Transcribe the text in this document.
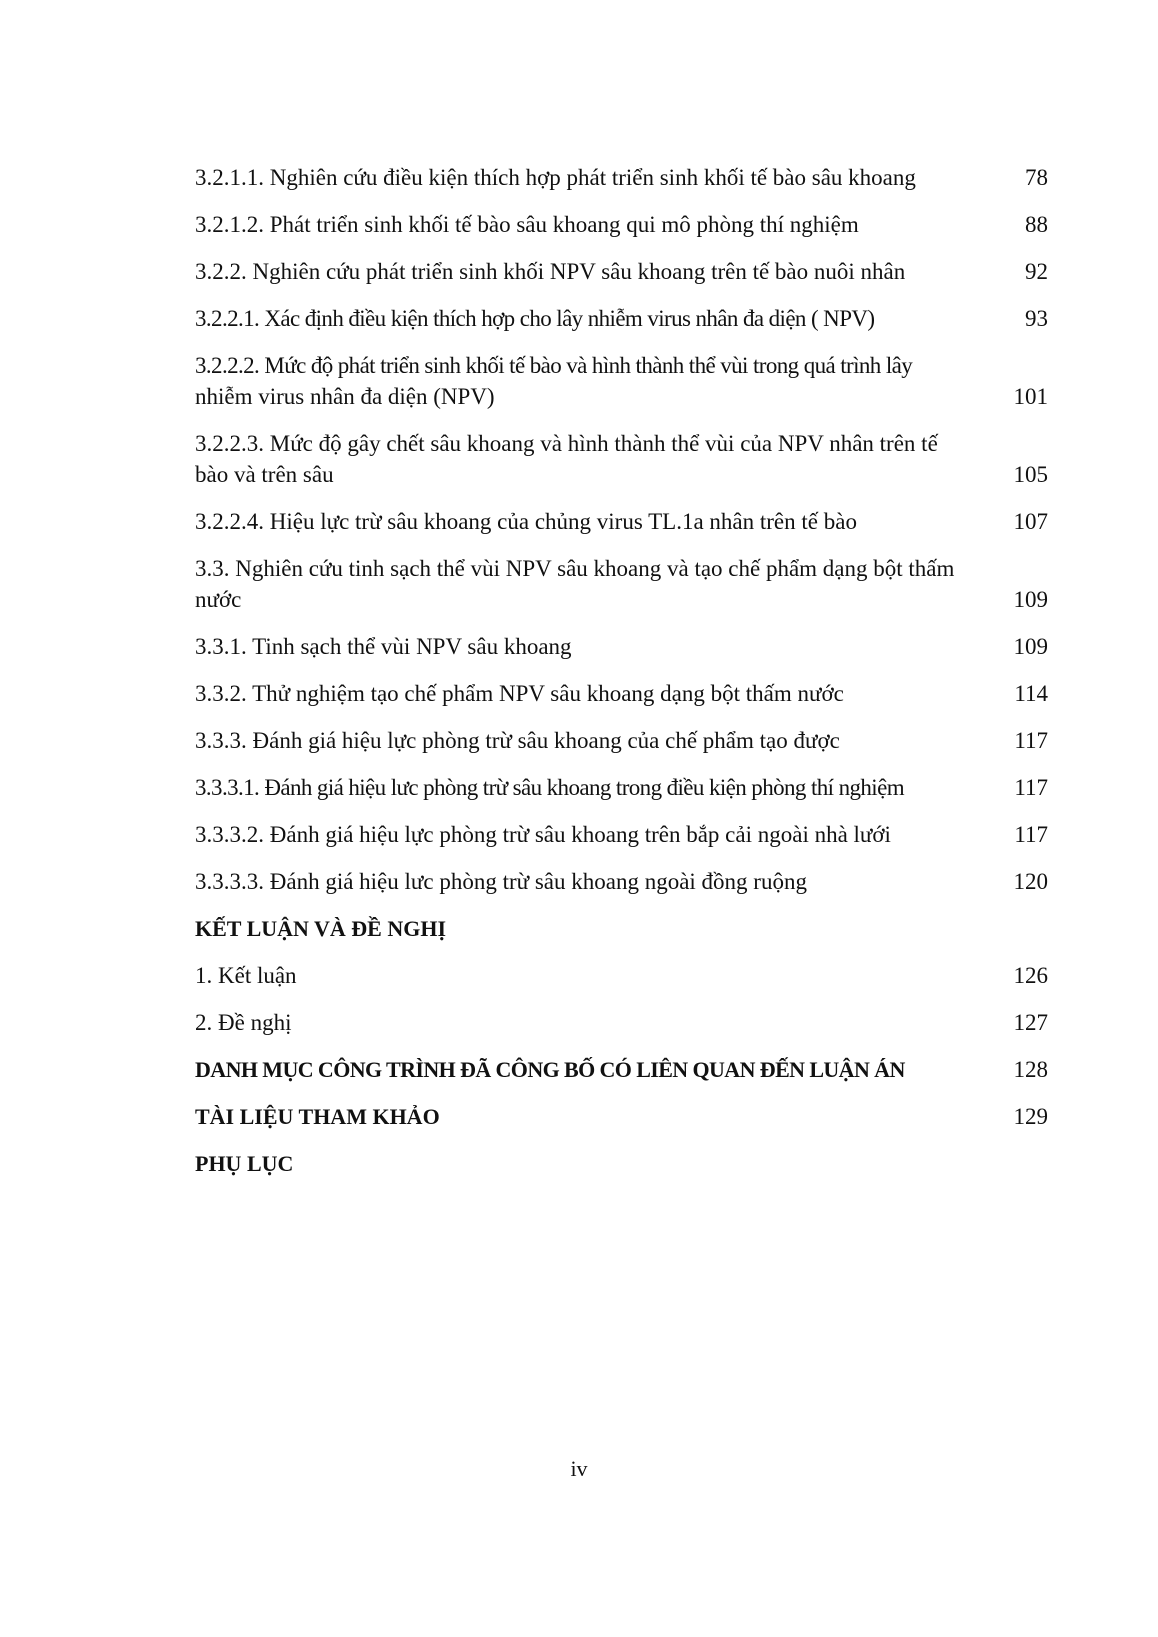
3.2.1.1. Nghiên cứu điều kiện thích hợp phát triển sinh khối tế bào sâu khoang	78
3.2.1.2. Phát triển sinh khối tế bào sâu khoang qui mô phòng thí nghiệm	88
3.2.2. Nghiên cứu phát triển sinh khối NPV sâu khoang trên tế bào nuôi nhân	92
3.2.2.1. Xác định điều kiện thích hợp cho lây nhiễm virus nhân đa diện ( NPV)	93
3.2.2.2. Mức độ phát triển sinh khối tế bào và hình thành thể vùi trong quá trình lây
nhiễm virus nhân đa diện (NPV)	101
3.2.2.3. Mức độ gây chết sâu khoang và hình thành thể vùi của NPV nhân trên tế
bào và trên sâu	105
3.2.2.4. Hiệu lực trừ sâu khoang của chủng virus TL.1a nhân trên tế bào	107
3.3. Nghiên cứu tinh sạch thể vùi NPV sâu khoang và tạo chế phẩm dạng bột thấm
nước	109
3.3.1. Tinh sạch thể vùi NPV sâu khoang	109
3.3.2. Thử nghiệm tạo chế phẩm NPV sâu khoang dạng bột thấm nước	114
3.3.3. Đánh giá hiệu lực phòng trừ sâu khoang của chế phẩm tạo được	117
3.3.3.1. Đánh giá hiệu lưc phòng trừ sâu khoang trong điều kiện phòng thí nghiệm	117
3.3.3.2. Đánh giá hiệu lực phòng trừ sâu khoang trên bắp cải ngoài nhà lưới	117
3.3.3.3. Đánh giá hiệu lưc phòng trừ sâu khoang ngoài đồng ruộng	120
KẾT LUẬN VÀ ĐỀ NGHỊ
1. Kết luận	126
2. Đề nghị	127
DANH MỤC CÔNG TRÌNH ĐÃ CÔNG BỐ CÓ LIÊN QUAN ĐẾN LUẬN ÁN	128
TÀI LIỆU THAM KHẢO	129
PHỤ LỤC
iv
